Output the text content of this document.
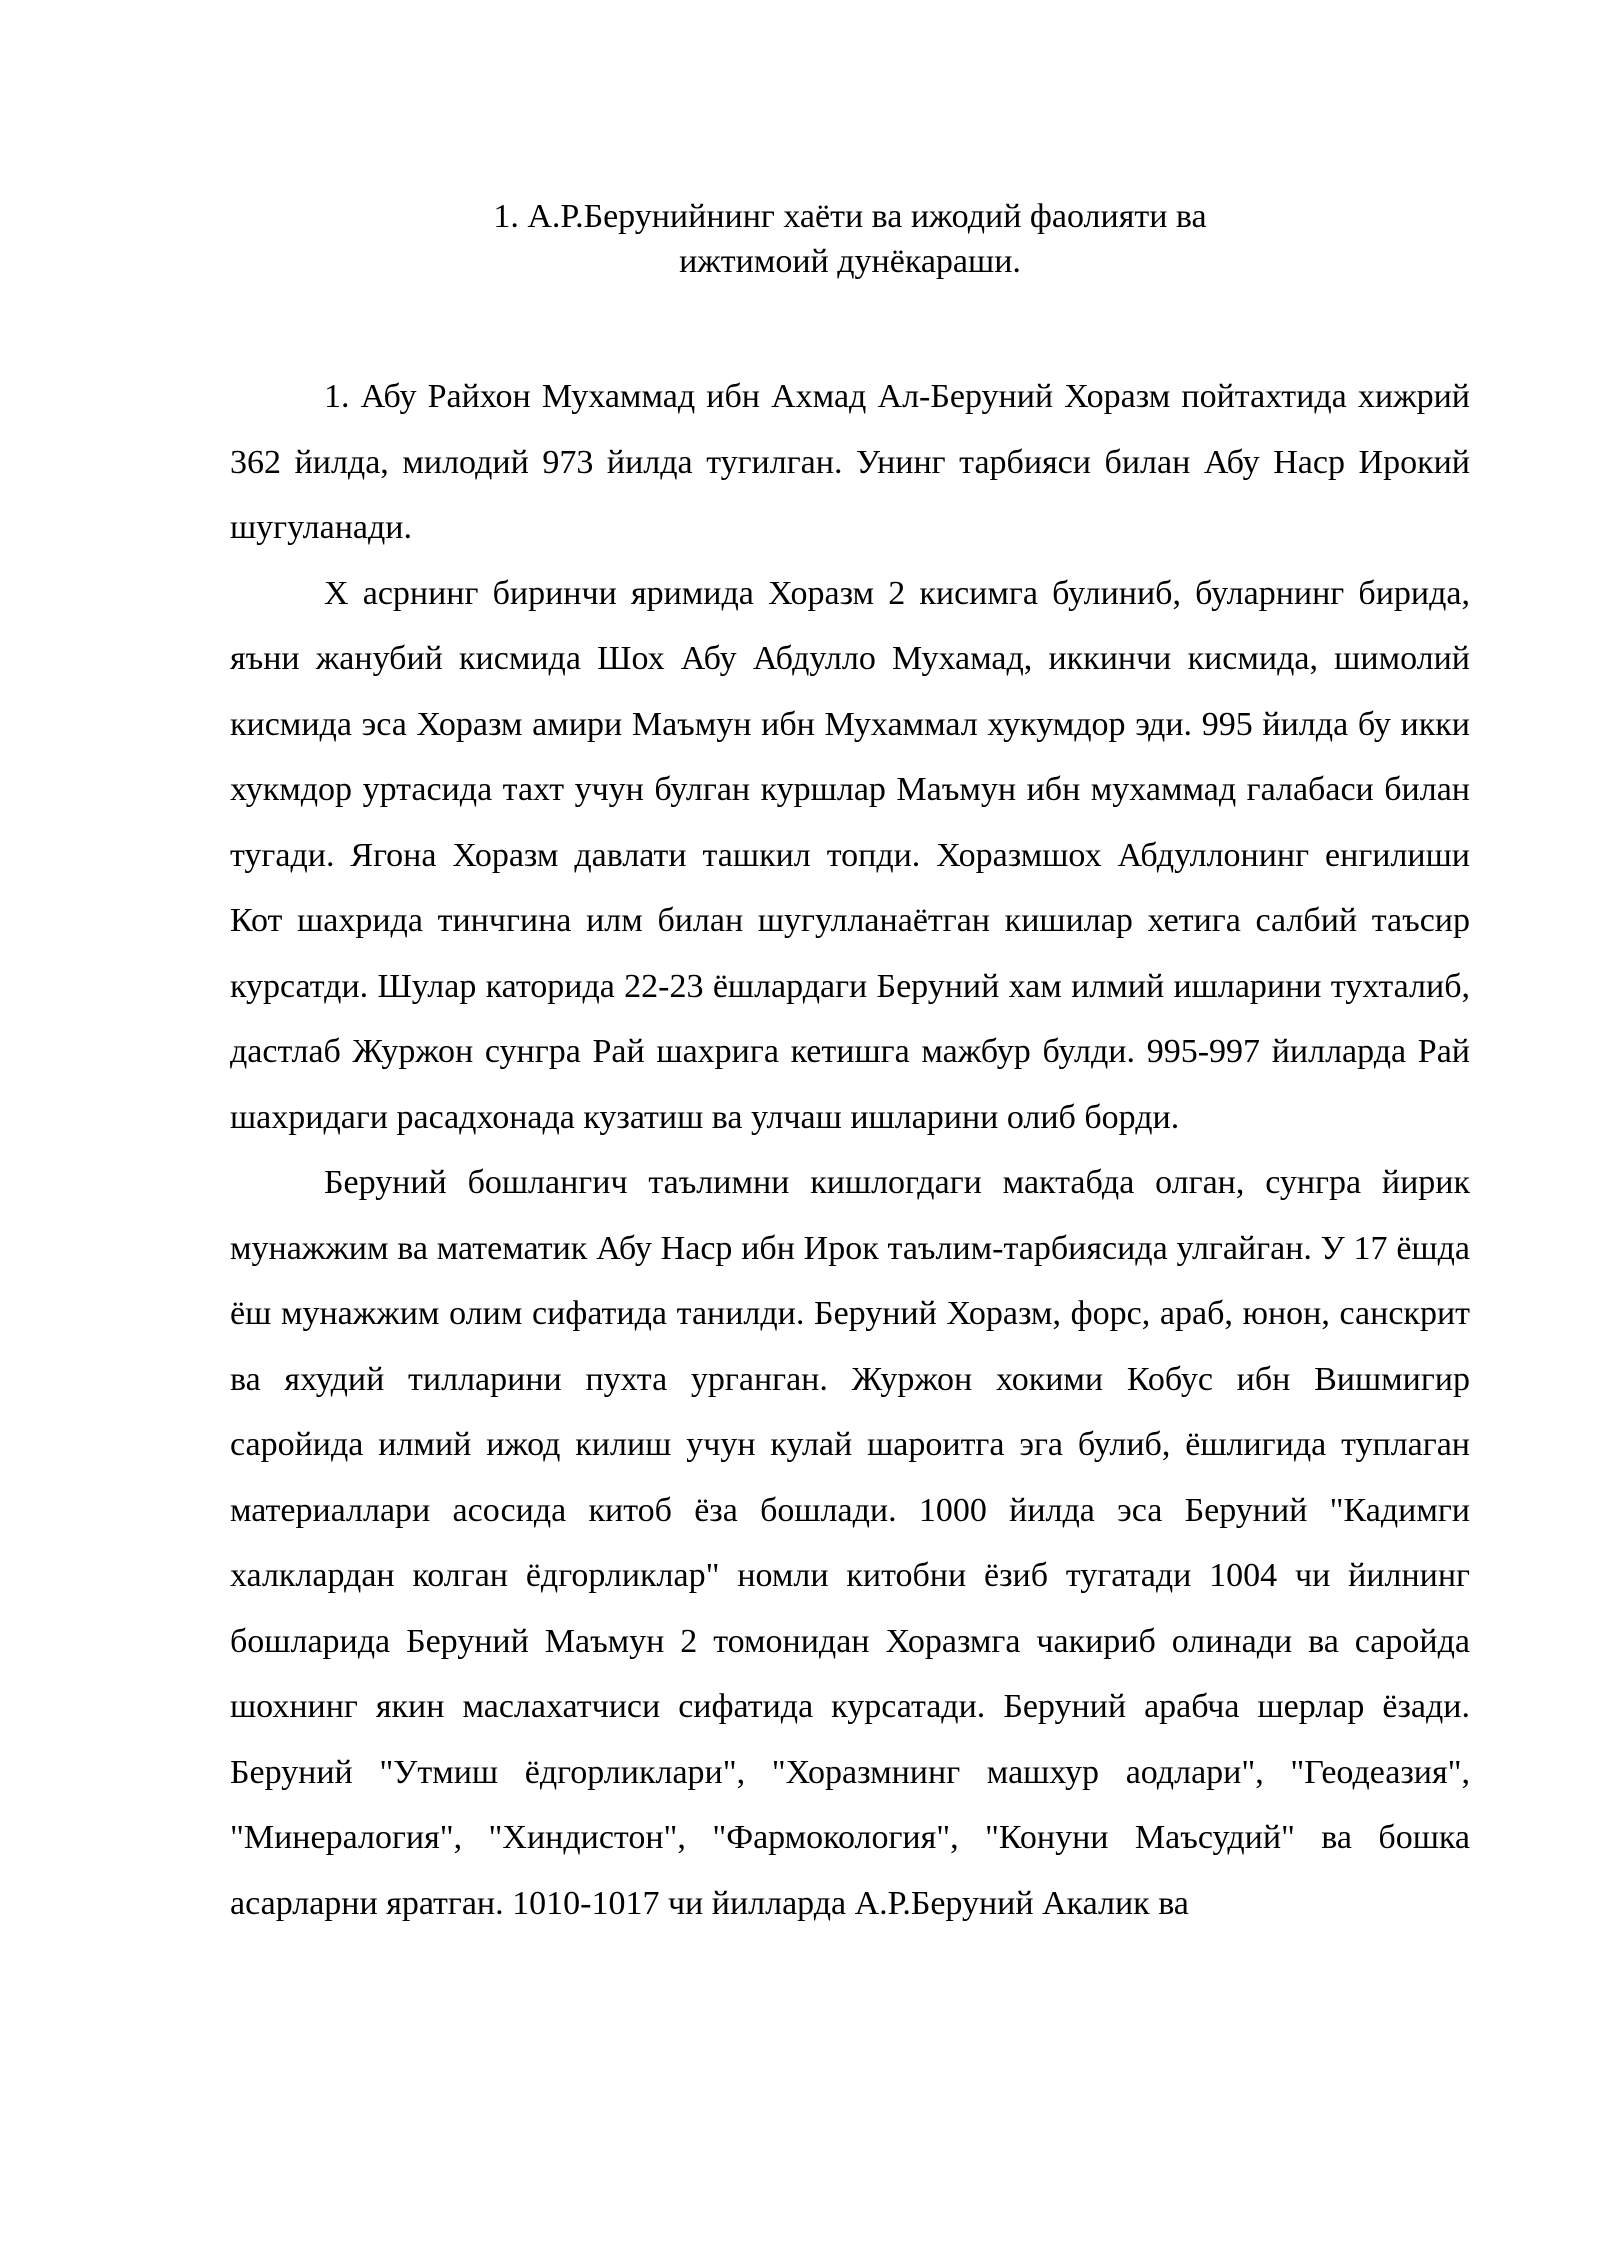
1. А.Р.Берунийнинг хаёти ва ижодий фаолияти ва
ижтимоий дунёкараши.

1. Абу Райхон Мухаммад ибн Ахмад Ал-Беруний Хоразм пойтахтида хижрий 362 йилда, милодий 973 йилда тугилган. Унинг тарбияси билан Абу Наср Ирокий шугуланади.

Х асрнинг биринчи яримида Хоразм 2 кисимга булиниб, буларнинг бирида, яъни жанубий кисмида Шох Абу Абдулло Мухамад, иккинчи кисмида, шимолий кисмида эса Хоразм амири Маъмун ибн Мухаммал хукумдор эди. 995 йилда бу икки хукмдор уртасида тахт учун булган куршлар Маъмун ибн мухаммад галабаси билан тугади. Ягона Хоразм давлати ташкил топди. Хоразмшох Абдуллонинг енгилиши Кот шахрида тинчгина илм билан шугулланаётган кишилар хетига салбий таъсир курсатди. Шулар каторида 22-23 ёшлардаги Беруний хам илмий ишларини тухталиб, дастлаб Журжон сунгра Рай шахрига кетишга мажбур булди. 995-997 йилларда Рай шахридаги расадхонада кузатиш ва улчаш ишларини олиб борди.

Беруний бошлангич таълимни кишлогдаги мактабда олган, сунгра йирик мунажжим ва математик Абу Наср ибн Ирок таълим-тарбиясида улгайган. У 17 ёшда ёш мунажжим олим сифатида танилди. Беруний Хоразм, форс, араб, юнон, санскрит ва яхудий тилларини пухта урганган. Журжон хокими Кобус ибн Вишмигир саройида илмий ижод килиш учун кулай шароитга эга булиб, ёшлигида туплаган материаллари асосида китоб ёза бошлади. 1000 йилда эса Беруний "Кадимги халклардан колган ёдгорликлар" номли китобни ёзиб тугатади 1004 чи йилнинг бошларида Беруний Маъмун 2 томонидан Хоразмга чакириб олинади ва саройда шохнинг якин маслахатчиси сифатида курсатади. Беруний арабча шерлар ёзади. Беруний "Утмиш ёдгорликлари", "Хоразмнинг машхур аодлари", "Геодеазия", "Минералогия", "Хиндистон", "Фармокология", "Конуни Маъсудий" ва бошка асарларни яратган. 1010-1017 чи йилларда А.Р.Беруний Акалик ва
